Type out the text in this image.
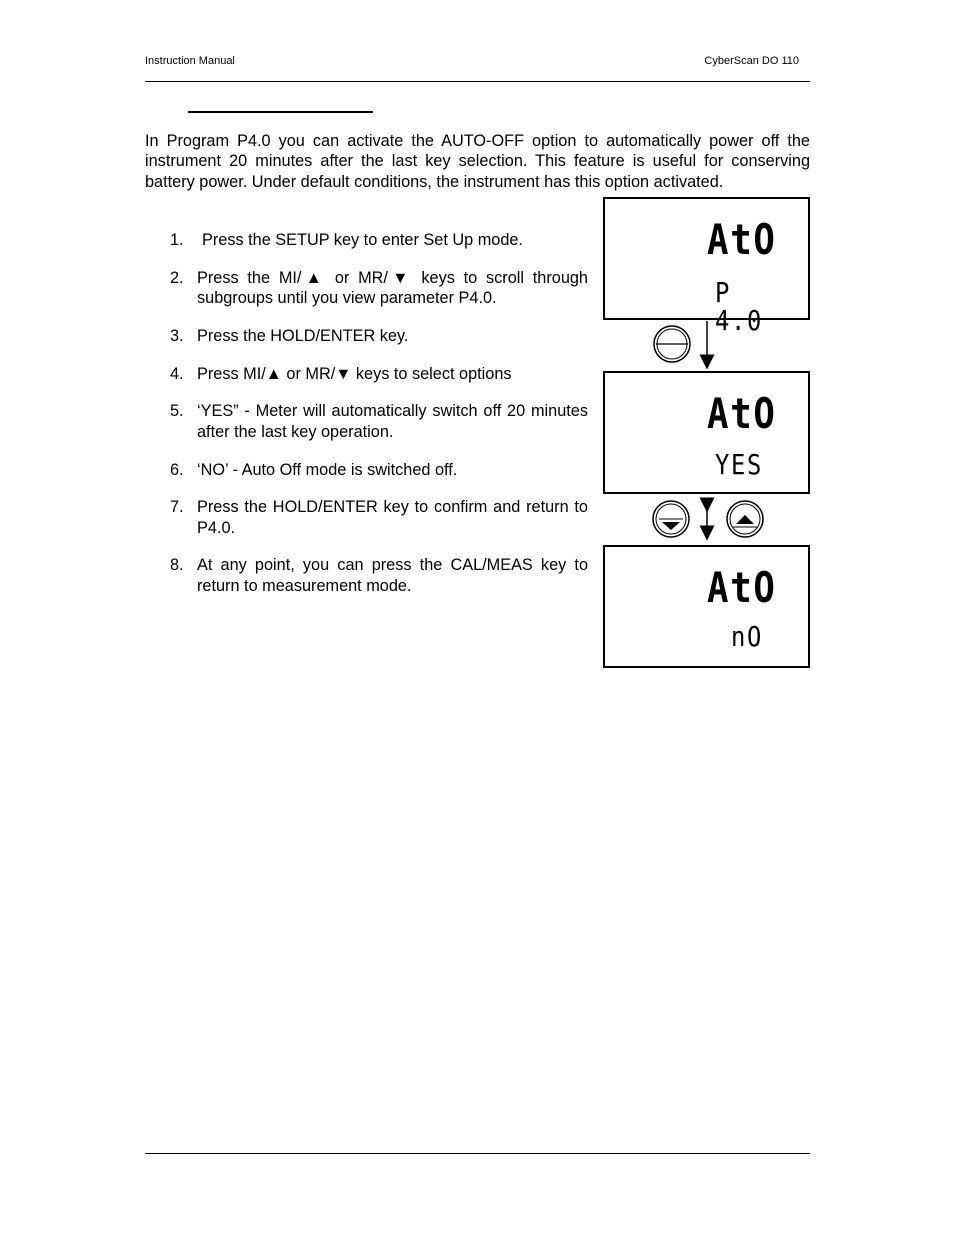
Instruction Manual	CyberScan DO 110

In Program P4.0 you can activate the AUTO-OFF option to automatically power off the instrument 20 minutes after the last key selection. This feature is useful for conserving battery power. Under default conditions, the instrument has this option activated.

1. Press the SETUP key to enter Set Up mode.
2. Press the MI/▲ or MR/▼ keys to scroll through subgroups until you view parameter P4.0.
3. Press the HOLD/ENTER key.
4. Press MI/▲ or MR/▼ keys to select options
5. ‘YES” - Meter will automatically switch off 20 minutes after the last key operation.
6. ‘NO’ - Auto Off mode is switched off.
7. Press the HOLD/ENTER key to confirm and return to P4.0.
8. At any point, you can press the CAL/MEAS key to return to measurement mode.
AtO
P 4.0
AtO
YES
AtO
nO
